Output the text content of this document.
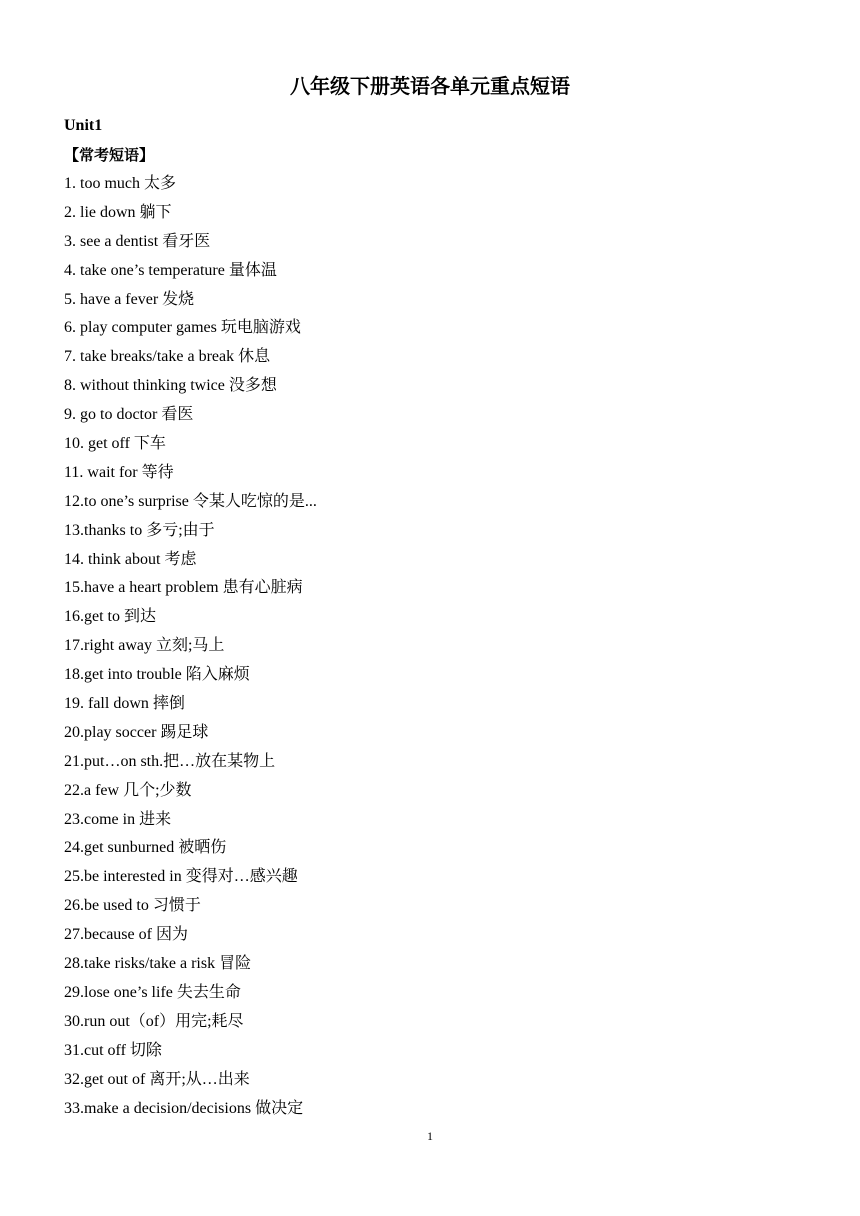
八年级下册英语各单元重点短语
Unit1
【常考短语】
1. too much 太多
2. lie down 躺下
3. see a dentist 看牙医
4. take one’s temperature 量体温
5. have a fever 发烧
6. play computer games 玩电脑游戏
7. take breaks/take a break 休息
8. without thinking twice 没多想
9. go to doctor 看医
10. get off 下车
11. wait for 等待
12.to one’s surprise 令某人吃惊的是...
13.thanks to 多亏;由于
14. think about 考虑
15.have a heart problem 患有心脏病
16.get to 到达
17.right away 立刻;马上
18.get into trouble 陷入麻烦
19. fall down 摔倒
20.play soccer 踢足球
21.put…on sth.把…放在某物上
22.a few 几个;少数
23.come in 进来
24.get sunburned 被晒伤
25.be interested in 变得对…感兴趣
26.be used to 习惯于
27.because of 因为
28.take risks/take a risk 冒险
29.lose one’s life 失去生命
30.run out（of）用完;耗尽
31.cut off 切除
32.get out of 离开;从…出来
33.make a decision/decisions 做决定
1
